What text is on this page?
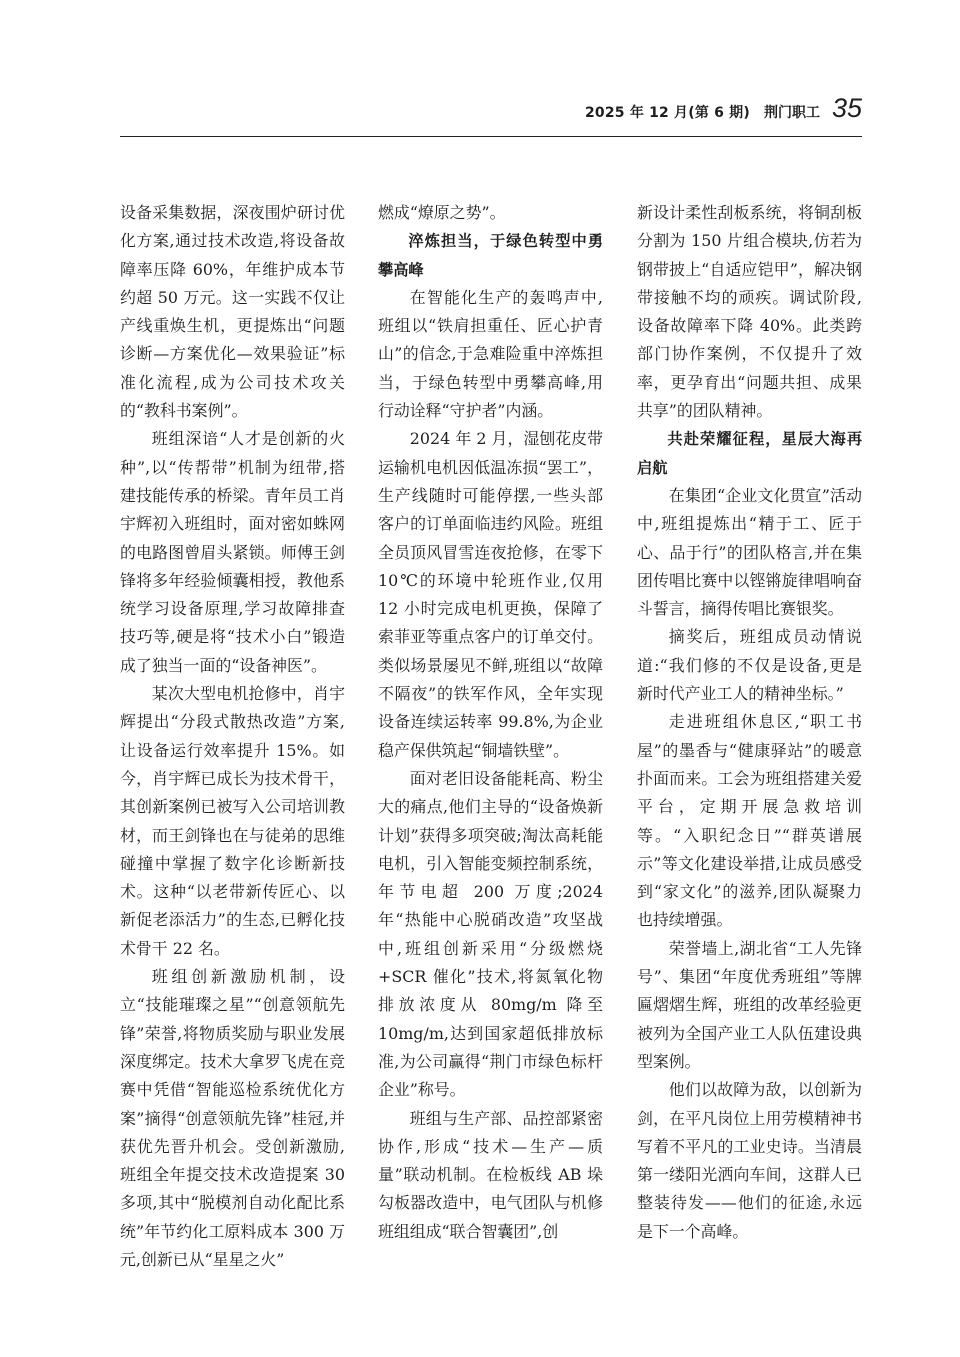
2025 年 12 月(第 6 期) 荆门职工 35

设备采集数据，深夜围炉研讨优化方案,通过技术改造,将设备故障率压降 60%，年维护成本节约超 50 万元。这一实践不仅让产线重焕生机，更提炼出“问题诊断—方案优化—效果验证”标准化流程,成为公司技术攻关的“教科书案例”。

班组深谙“人才是创新的火种”,以“传帮带”机制为纽带,搭建技能传承的桥梁。青年员工肖宇辉初入班组时，面对密如蛛网的电路图曾眉头紧锁。师傅王剑锋将多年经验倾囊相授，教他系统学习设备原理,学习故障排查技巧等,硬是将“技术小白”锻造成了独当一面的“设备神医”。

某次大型电机抢修中，肖宇辉提出“分段式散热改造”方案,让设备运行效率提升 15%。如今，肖宇辉已成长为技术骨干，其创新案例已被写入公司培训教材，而王剑锋也在与徒弟的思维碰撞中掌握了数字化诊断新技术。这种“以老带新传匠心、以新促老添活力”的生态,已孵化技术骨干 22 名。

班组创新激励机制，设立“技能璀璨之星”“创意领航先锋”荣誉,将物质奖励与职业发展深度绑定。技术大拿罗飞虎在竞赛中凭借“智能巡检系统优化方案”摘得“创意领航先锋”桂冠,并获优先晋升机会。受创新激励,班组全年提交技术改造提案 30 多项,其中“脱模剂自动化配比系统”年节约化工原料成本 300 万元,创新已从“星星之火”

燃成“燎原之势”。

淬炼担当，于绿色转型中勇攀高峰

在智能化生产的轰鸣声中,班组以“铁肩担重任、匠心护青山”的信念,于急难险重中淬炼担当，于绿色转型中勇攀高峰,用行动诠释“守护者”内涵。

2024 年 2 月，湿刨花皮带运输机电机因低温冻损“罢工”，生产线随时可能停摆,一些头部客户的订单面临违约风险。班组全员顶风冒雪连夜抢修，在零下 10℃的环境中轮班作业,仅用 12 小时完成电机更换，保障了索菲亚等重点客户的订单交付。类似场景屡见不鲜,班组以“故障不隔夜”的铁军作风，全年实现设备连续运转率 99.8%,为企业稳产保供筑起“铜墙铁壁”。

面对老旧设备能耗高、粉尘大的痛点,他们主导的“设备焕新计划”获得多项突破;淘汰高耗能电机，引入智能变频控制系统，年节电超 200 万度;2024 年“热能中心脱硝改造”攻坚战中,班组创新采用“分级燃烧 +SCR 催化”技术,将氮氧化物排放浓度从 80mg/m 降至 10mg/m,达到国家超低排放标准,为公司赢得“荆门市绿色标杆企业”称号。

班组与生产部、品控部紧密协作,形成“技术—生产—质量”联动机制。在检板线 AB 垛勾板器改造中，电气团队与机修班组组成“联合智囊团”,创

新设计柔性刮板系统，将铜刮板分割为 150 片组合模块,仿若为钢带披上“自适应铠甲”，解决钢带接触不均的顽疾。调试阶段,设备故障率下降 40%。此类跨部门协作案例，不仅提升了效率，更孕育出“问题共担、成果共享”的团队精神。

共赴荣耀征程，星辰大海再启航

在集团“企业文化贯宣”活动中,班组提炼出“精于工、匠于心、品于行”的团队格言,并在集团传唱比赛中以铿锵旋律唱响奋斗誓言，摘得传唱比赛银奖。

摘奖后，班组成员动情说道:“我们修的不仅是设备,更是新时代产业工人的精神坐标。”

走进班组休息区,“职工书屋”的墨香与“健康驿站”的暖意扑面而来。工会为班组搭建关爱平台，定期开展急救培训等。“入职纪念日”“群英谱展示”等文化建设举措,让成员感受到“家文化”的滋养,团队凝聚力也持续增强。

荣誉墙上,湖北省“工人先锋号”、集团“年度优秀班组”等牌匾熠熠生辉，班组的改革经验更被列为全国产业工人队伍建设典型案例。

他们以故障为敌，以创新为剑，在平凡岗位上用劳模精神书写着不平凡的工业史诗。当清晨第一缕阳光洒向车间，这群人已整装待发——他们的征途,永远是下一个高峰。
